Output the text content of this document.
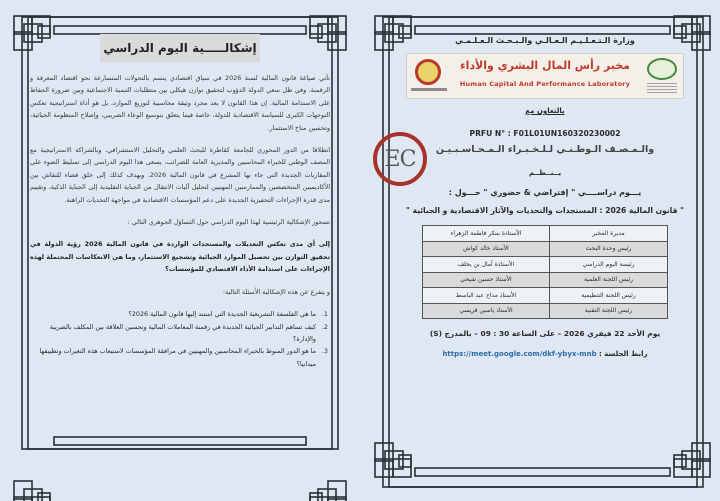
إشكالـــــية اليوم الدراسي

تأتي صياغة قانون المالية لسنة 2026 في سياق اقتصادي يتسم بالتحولات المتسارعة نحو اقتصاد المعرفة و الرقمنة. وفي ظل سعي الدولة الدؤوب لتحقيق توازن هيكلي بين متطلبات التنمية الاجتماعية وبين ضرورة الحفاظ على الاستدامة المالية. إن هذا القانون لا يعد مجرد وثيقة محاسبية لتوزيع الموارد، بل هو أداة استراتيجية تعكس التوجهات الكبرى للسياسة الاقتصادية للدولة، خاصة فيما يتعلق بتوسيع الوعاء الضريبي، وإصلاح المنظومة الجبائية، وتحسين مناخ الاستثمار.

انطلاقا من الدور المحوري للجامعة كقاطرة للبحث العلمي والتحليل الاستشرافي، وبالشراكة الاستراتيجية مع المصف الوطني للخبراء المحاسبين والمديرية العامة للضرائب، يسعى هذا اليوم الدراسي إلى تسليط الضوء على المقاربات الجديدة التي جاء بها المشرع في قانون المالية 2026. ويهدف كذلك إلى خلق فضاء للنقاش بين الأكاديميين المتخصصين والممارسين المهنيين لتحليل آليات الانتقال من الجباية التقليدية إلى الجباية الذكية، وتقييم مدى قدرة الإجراءات التحفيزية الجديدة على دعم المؤسسات الاقتصادية في مواجهة التحديات الراهنة.

تتمحور الإشكالية الرئيسية لهذا اليوم الدراسي حول التساؤل الجوهري التالي :

إلى أي مدى تعكس التعديلات والمستجدات الواردة في قانون المالية 2026 رؤية الدولة في تحقيق التوازن بين تحصيل الموارد الجبائية وتشجيع الاستثمار، وما هي الانعكاسات المحتملة لهذه الإجراءات على استدامة الأداء الاقتصادي للمؤسسات؟

و يتفرع عن هذه الإشكالية الأسئلة التالية:

1.
ما هي الفلسفة التشريعية الجديدة التي استند إليها قانون المالية 2026؟
2.
كيف تساهم التدابير الجبائية الجديدة في رقمنة المعاملات المالية وتحسين العلاقة بين المكلف بالضريبة والإدارة؟
3.
ما هو الدور المنوط بالخبراء المحاسبين والمهنيين في مرافقة المؤسسات لاستيعاب هذه التغيرات وتطبيقها ميدانيا؟
وزارة الـتـعـلـيـم الـعـالـي والـبـحـث الـعـلـمـي
مخبر رأس المال البشري والأداء
Human Capital And Performance Laboratory
بالتعاون مع
PRFU N° : F01L01UN160320230002
والـمـصـف الـوطـنـي لـلـخـبـراء الـمـحـاسـبـيـن
يــنــظــم
يـــوم دراســــي " إفتراضي & حضوري " حـــول :
" قانون المالية 2026 : المستجدات والتحديات والآثار الاقتصادية و الجبائية "
مديرة المخبر	الأستاذة سكر فاطمة الزهراء
رئيس وحدة البحث	الأستاذ خالد كواش
رئيسة اليوم الدراسي	الأستاذة آمال بن يخلف
رئيس اللجنة العلمية	الأستاذ حسين شيحي
رئيس اللجنة التنظيمية	الأستاذ مداح عبد الباسط
رئيس اللجنة التقنية	الأستاذ ياسين قريسي
يوم الأحد 22 فيفري 2026 – على الساعة 30 : 09 – بالمدرج (S)
رابط الجلسة : https://meet.google.com/dkf-ybyx-mnb
EC
